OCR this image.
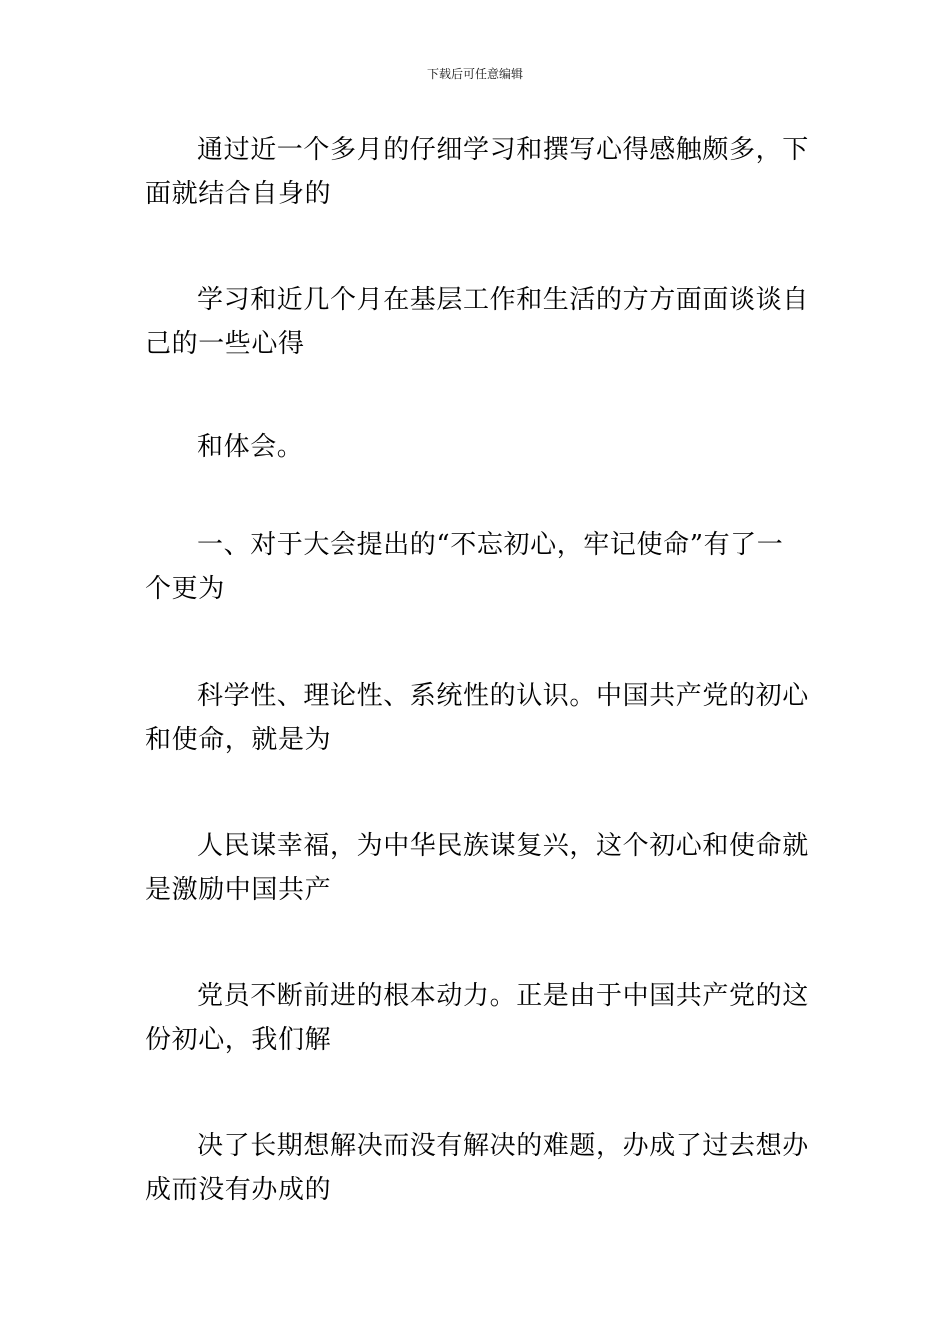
下载后可任意编辑

通过近一个多月的仔细学习和撰写心得感触颇多，下
面就结合自身的

学习和近几个月在基层工作和生活的方方面面谈谈自
己的一些心得

和体会。

一、对于大会提出的“不忘初心，牢记使命”有了一
个更为

科学性、理论性、系统性的认识。中国共产党的初心
和使命，就是为

人民谋幸福，为中华民族谋复兴，这个初心和使命就
是激励中国共产

党员不断前进的根本动力。正是由于中国共产党的这
份初心，我们解

决了长期想解决而没有解决的难题，办成了过去想办
成而没有办成的
